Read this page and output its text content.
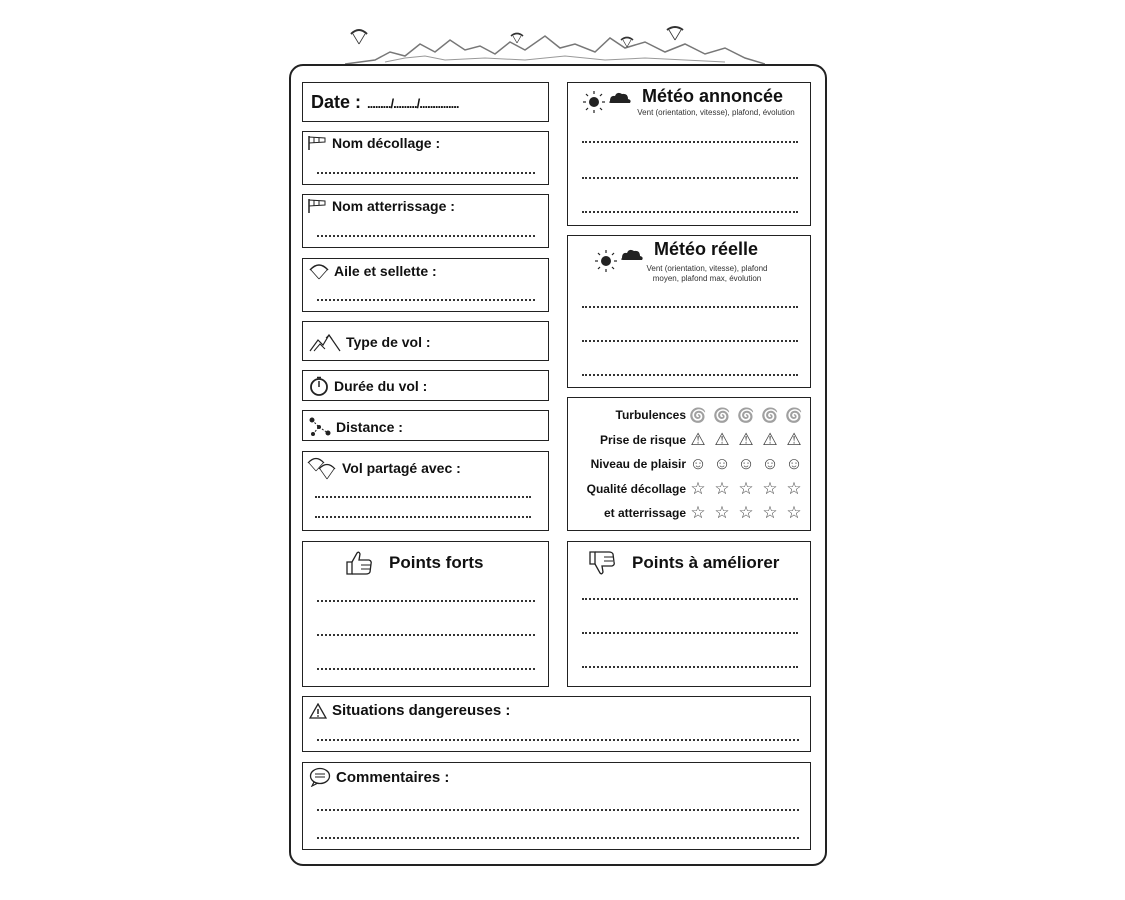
Date : ........./........./...............
Nom décollage :
Nom atterrissage :
Aile et sellette :
Type de vol :
Durée du vol :
Distance :
Vol partagé avec :
Points forts
Météo annoncée
Vent (orientation, vitesse), plafond, évolution
Météo réelle
Vent (orientation, vitesse), plafond
moyen, plafond max, évolution
Turbulences 🌀 🌀 🌀 🌀 🌀
Prise de risque ⚠ ⚠ ⚠ ⚠ ⚠
Niveau de plaisir ☺ ☺ ☺ ☺ ☺
Qualité décollage ☆ ☆ ☆ ☆ ☆
et atterrissage ☆ ☆ ☆ ☆ ☆
Points à améliorer
Situations dangereuses :
Commentaires :
